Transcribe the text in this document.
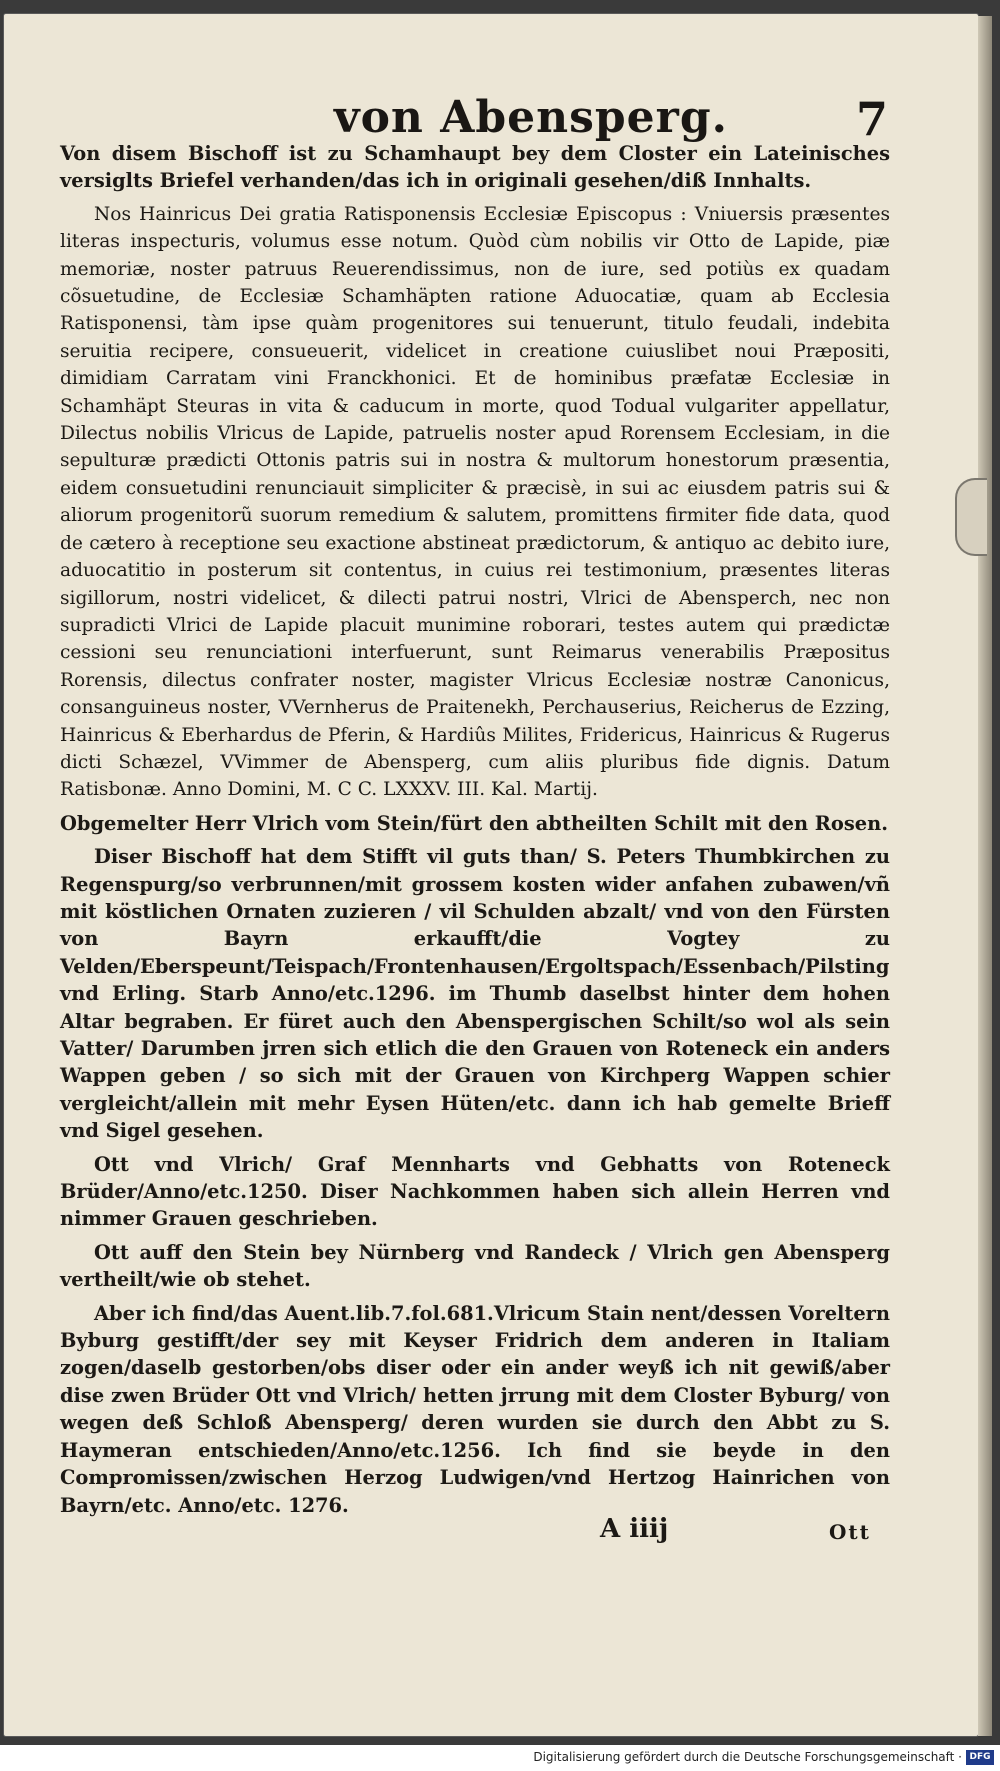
von Abensperg.	7

Von disem Bischoff ist zu Schamhaupt bey dem Closter ein Lateinisches versiglts Briefel verhanden/das ich in originali gesehen/diß Innhalts.

Nos Hainricus Dei gratia Ratisponensis Ecclesiæ Episcopus : Vniuersis præsentes literas inspecturis, volumus esse notum. Quòd cùm nobilis vir Otto de Lapide, piæ memoriæ, noster patruus Reuerendissimus, non de iure, sed potiùs ex quadam cõsuetudine, de Ecclesiæ Schamhäpten ratione Aduocatiæ, quam ab Ecclesia Ratisponensi, tàm ipse quàm progenitores sui tenuerunt, titulo feudali, indebita seruitia recipere, consueuerit, videlicet in creatione cuiuslibet noui Præpositi, dimidiam Carratam vini Franckhonici. Et de hominibus præfatæ Ecclesiæ in Schamhäpt Steuras in vita & caducum in morte, quod Todual vulgariter appellatur, Dilectus nobilis Vlricus de Lapide, patruelis noster apud Rorensem Ecclesiam, in die sepulturæ prædicti Ottonis patris sui in nostra & multorum honestorum præsentia, eidem consuetudini renunciauit simpliciter & præcisè, in sui ac eiusdem patris sui & aliorum progenitorũ suorum remedium & salutem, promittens firmiter fide data, quod de cætero à receptione seu exactione abstineat prædictorum, & antiquo ac debito iure, aduocatitio in posterum sit contentus, in cuius rei testimonium, præsentes literas sigillorum, nostri videlicet, & dilecti patrui nostri, Vlrici de Abensperch, nec non supradicti Vlrici de Lapide placuit munimine roborari, testes autem qui prædictæ cessioni seu renunciationi interfuerunt, sunt Reimarus venerabilis Præpositus Rorensis, dilectus confrater noster, magister Vlricus Ecclesiæ nostræ Canonicus, consanguineus noster, VVernherus de Praitenekh, Perchauserius, Reicherus de Ezzing, Hainricus & Eberhardus de Pferin, & Hardiûs Milites, Fridericus, Hainricus & Rugerus dicti Schæzel, VVimmer de Abensperg, cum aliis pluribus fide dignis. Datum Ratisbonæ. Anno Domini, M. C C. LXXXV. III. Kal. Martij.

Obgemelter Herr Vlrich vom Stein/fürt den abtheilten Schilt mit den Rosen.

Diser Bischoff hat dem Stifft vil guts than/ S. Peters Thumbkirchen zu Regenspurg/so verbrunnen/mit grossem kosten wider anfahen zubawen/vñ mit köstlichen Ornaten zuzieren / vil Schulden abzalt/ vnd von den Fürsten von Bayrn erkaufft/die Vogtey zu Velden/Eberspeunt/Teispach/Frontenhausen/Ergoltspach/Essenbach/Pilsting vnd Erling. Starb Anno/etc.1296. im Thumb daselbst hinter dem hohen Altar begraben. Er füret auch den Abenspergischen Schilt/so wol als sein Vatter/ Darumben jrren sich etlich die den Grauen von Roteneck ein anders Wappen geben / so sich mit der Grauen von Kirchperg Wappen schier vergleicht/allein mit mehr Eysen Hüten/etc. dann ich hab gemelte Brieff vnd Sigel gesehen.

Ott vnd Vlrich/ Graf Mennharts vnd Gebhatts von Roteneck Brüder/Anno/etc.1250. Diser Nachkommen haben sich allein Herren vnd nimmer Grauen geschrieben.

Ott auff den Stein bey Nürnberg vnd Randeck / Vlrich gen Abensperg vertheilt/wie ob stehet.

Aber ich find/das Auent.lib.7.fol.681.Vlricum Stain nent/dessen Voreltern Byburg gestifft/der sey mit Keyser Fridrich dem anderen in Italiam zogen/daselb gestorben/obs diser oder ein ander weyß ich nit gewiß/aber dise zwen Brüder Ott vnd Vlrich/ hetten jrrung mit dem Closter Byburg/ von wegen deß Schloß Abensperg/ deren wurden sie durch den Abbt zu S. Haymeran entschieden/Anno/etc.1256. Ich find sie beyde in den Compromissen/zwischen Herzog Ludwigen/vnd Hertzog Hainrichen von Bayrn/etc. Anno/etc. 1276.

A iiij	Ott
Digitalisierung gefördert durch die Deutsche Forschungsgemeinschaft · DFG
